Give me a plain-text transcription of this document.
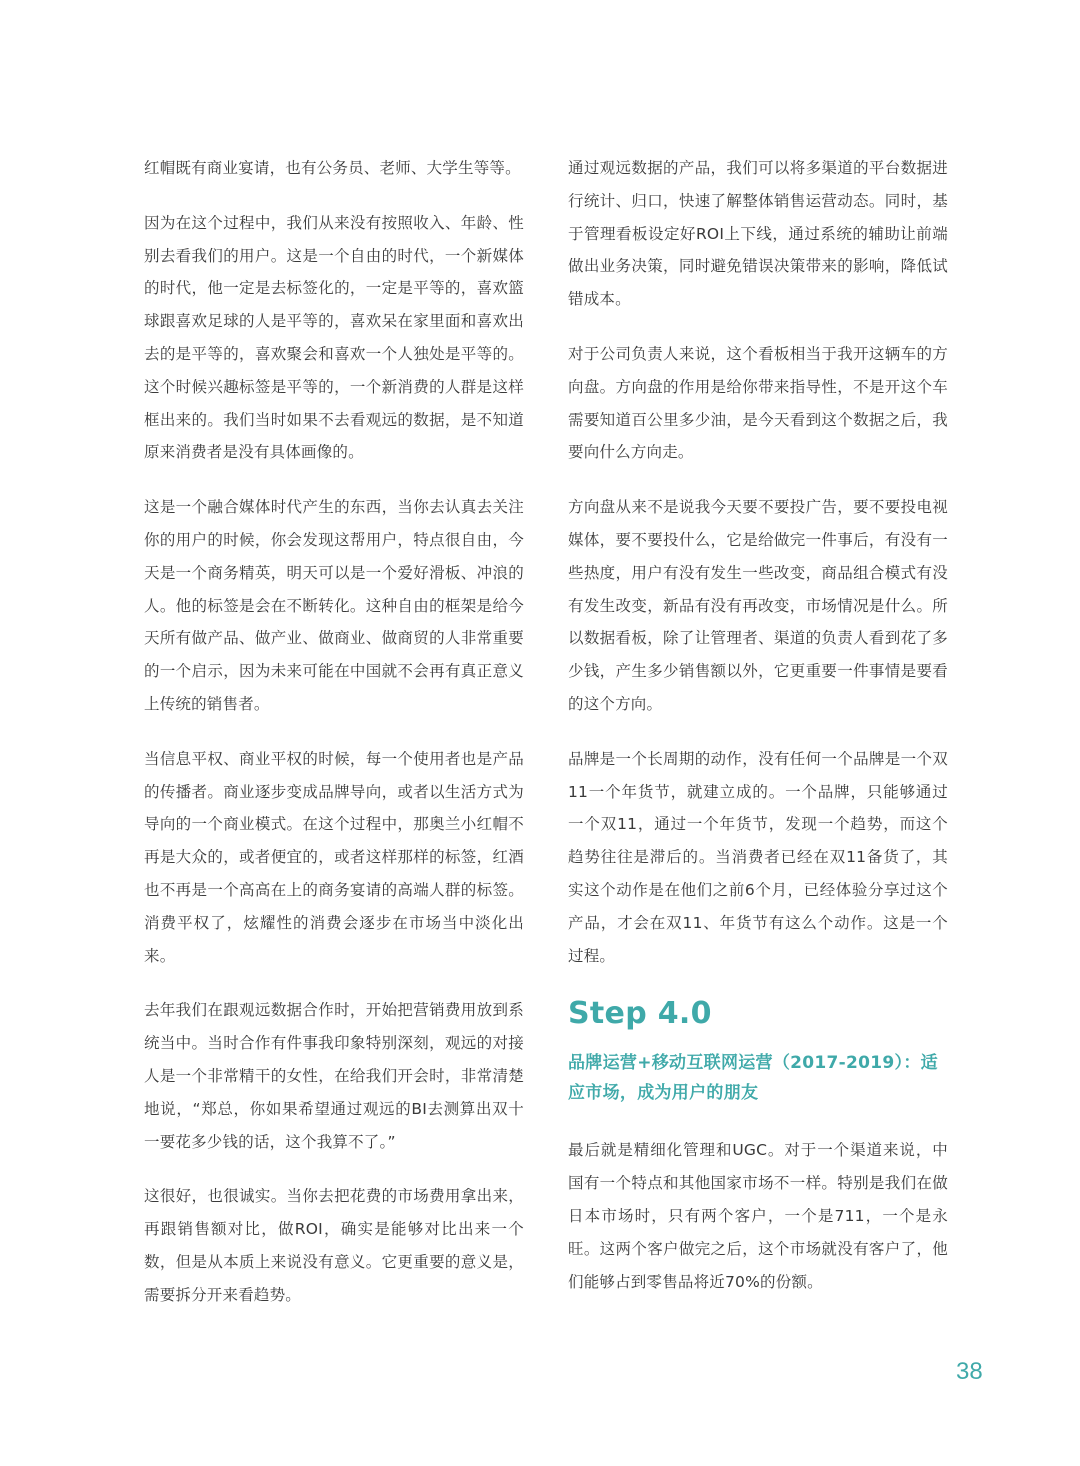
红帽既有商业宴请，也有公务员、老师、大学生等等。

因为在这个过程中，我们从来没有按照收入、年龄、性别去看我们的用户。这是一个自由的时代，一个新媒体的时代，他一定是去标签化的，一定是平等的，喜欢篮球跟喜欢足球的人是平等的，喜欢呆在家里面和喜欢出去的是平等的，喜欢聚会和喜欢一个人独处是平等的。这个时候兴趣标签是平等的，一个新消费的人群是这样框出来的。我们当时如果不去看观远的数据，是不知道原来消费者是没有具体画像的。

这是一个融合媒体时代产生的东西，当你去认真去关注你的用户的时候，你会发现这帮用户，特点很自由，今天是一个商务精英，明天可以是一个爱好滑板、冲浪的人。他的标签是会在不断转化。这种自由的框架是给今天所有做产品、做产业、做商业、做商贸的人非常重要的一个启示，因为未来可能在中国就不会再有真正意义上传统的销售者。

当信息平权、商业平权的时候，每一个使用者也是产品的传播者。商业逐步变成品牌导向，或者以生活方式为导向的一个商业模式。在这个过程中，那奥兰小红帽不再是大众的，或者便宜的，或者这样那样的标签，红酒也不再是一个高高在上的商务宴请的高端人群的标签。消费平权了，炫耀性的消费会逐步在市场当中淡化出来。

去年我们在跟观远数据合作时，开始把营销费用放到系统当中。当时合作有件事我印象特别深刻，观远的对接人是一个非常精干的女性，在给我们开会时，非常清楚地说，“郑总，你如果希望通过观远的BI去测算出双十一要花多少钱的话，这个我算不了。”

这很好，也很诚实。当你去把花费的市场费用拿出来，再跟销售额对比，做ROI，确实是能够对比出来一个数，但是从本质上来说没有意义。它更重要的意义是，需要拆分开来看趋势。

通过观远数据的产品，我们可以将多渠道的平台数据进行统计、归口，快速了解整体销售运营动态。同时，基于管理看板设定好ROI上下线，通过系统的辅助让前端做出业务决策，同时避免错误决策带来的影响，降低试错成本。

对于公司负责人来说，这个看板相当于我开这辆车的方向盘。方向盘的作用是给你带来指导性，不是开这个车需要知道百公里多少油，是今天看到这个数据之后，我要向什么方向走。

方向盘从来不是说我今天要不要投广告，要不要投电视媒体，要不要投什么，它是给做完一件事后，有没有一些热度，用户有没有发生一些改变，商品组合模式有没有发生改变，新品有没有再改变，市场情况是什么。所以数据看板，除了让管理者、渠道的负责人看到花了多少钱，产生多少销售额以外，它更重要一件事情是要看的这个方向。

品牌是一个长周期的动作，没有任何一个品牌是一个双11一个年货节，就建立成的。一个品牌，只能够通过一个双11，通过一个年货节，发现一个趋势，而这个趋势往往是滞后的。当消费者已经在双11备货了，其实这个动作是在他们之前6个月，已经体验分享过这个产品，才会在双11、年货节有这么个动作。这是一个过程。

Step 4.0
品牌运营+移动互联网运营（2017-2019）：适应市场，成为用户的朋友

最后就是精细化管理和UGC。对于一个渠道来说，中国有一个特点和其他国家市场不一样。特别是我们在做日本市场时，只有两个客户，一个是711，一个是永旺。这两个客户做完之后，这个市场就没有客户了，他们能够占到零售品将近70%的份额。

38
